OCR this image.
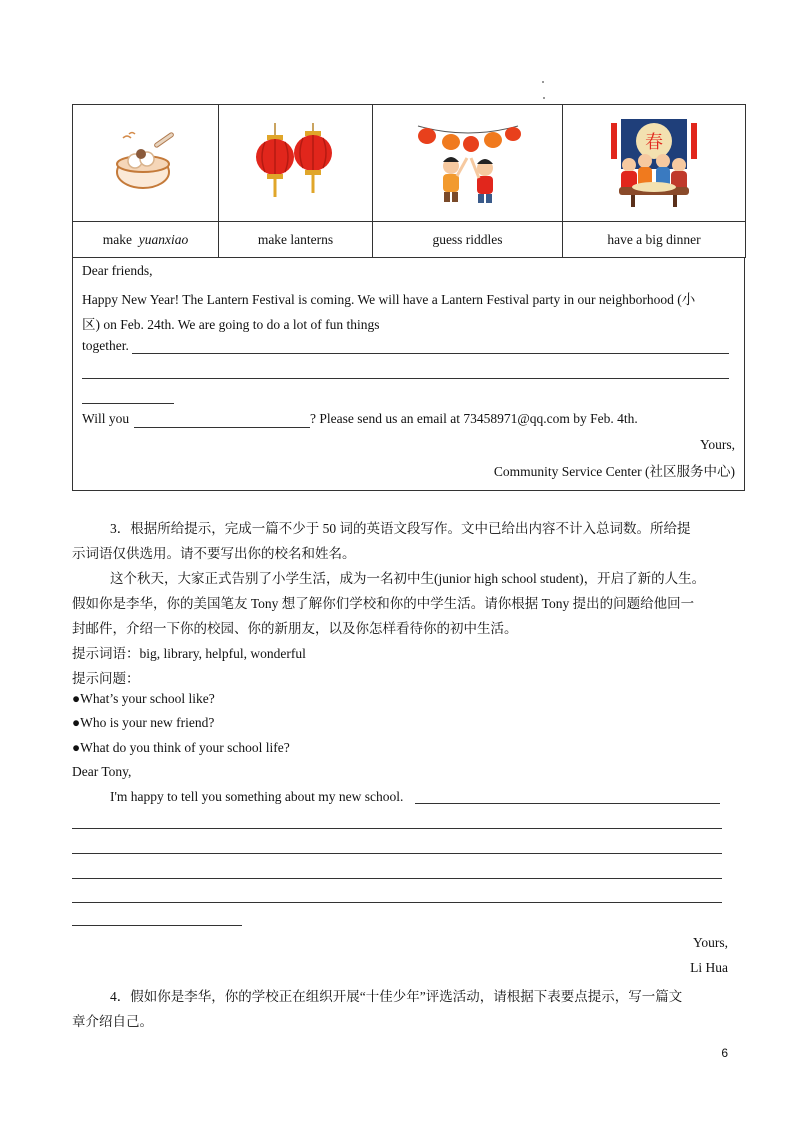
春

make yuanxiao	make lanterns	guess riddles	have a big dinner
Dear friends,
Happy New Year! The Lantern Festival is coming. We will have a Lantern Festival party in our neighborhood (小
区) on Feb. 24th. We are going to do a lot of fun things
together.
Will you	? Please send us an email at 73458971@qq.com by Feb. 4th.
Yours,
Community Service Center (社区服务中心)
3．根据所给提示，完成一篇不少于 50 词的英语文段写作。文中已给出内容不计入总词数。所给提
示词语仅供选用。请不要写出你的校名和姓名。
这个秋天，大家正式告别了小学生活，成为一名初中生(junior high school student)，开启了新的人生。
假如你是李华，你的美国笔友 Tony 想了解你们学校和你的中学生活。请你根据 Tony 提出的问题给他回一
封邮件，介绍一下你的校园、你的新朋友，以及你怎样看待你的初中生活。
提示词语：big, library, helpful, wonderful
提示问题：
●What’s your school like?
●Who is your new friend?
●What do you think of your school life?
Dear Tony,
I'm happy to tell you something about my new school.
Yours,
Li Hua
4．假如你是李华，你的学校正在组织开展“十佳少年”评选活动，请根据下表要点提示，写一篇文
章介绍自己。
6
